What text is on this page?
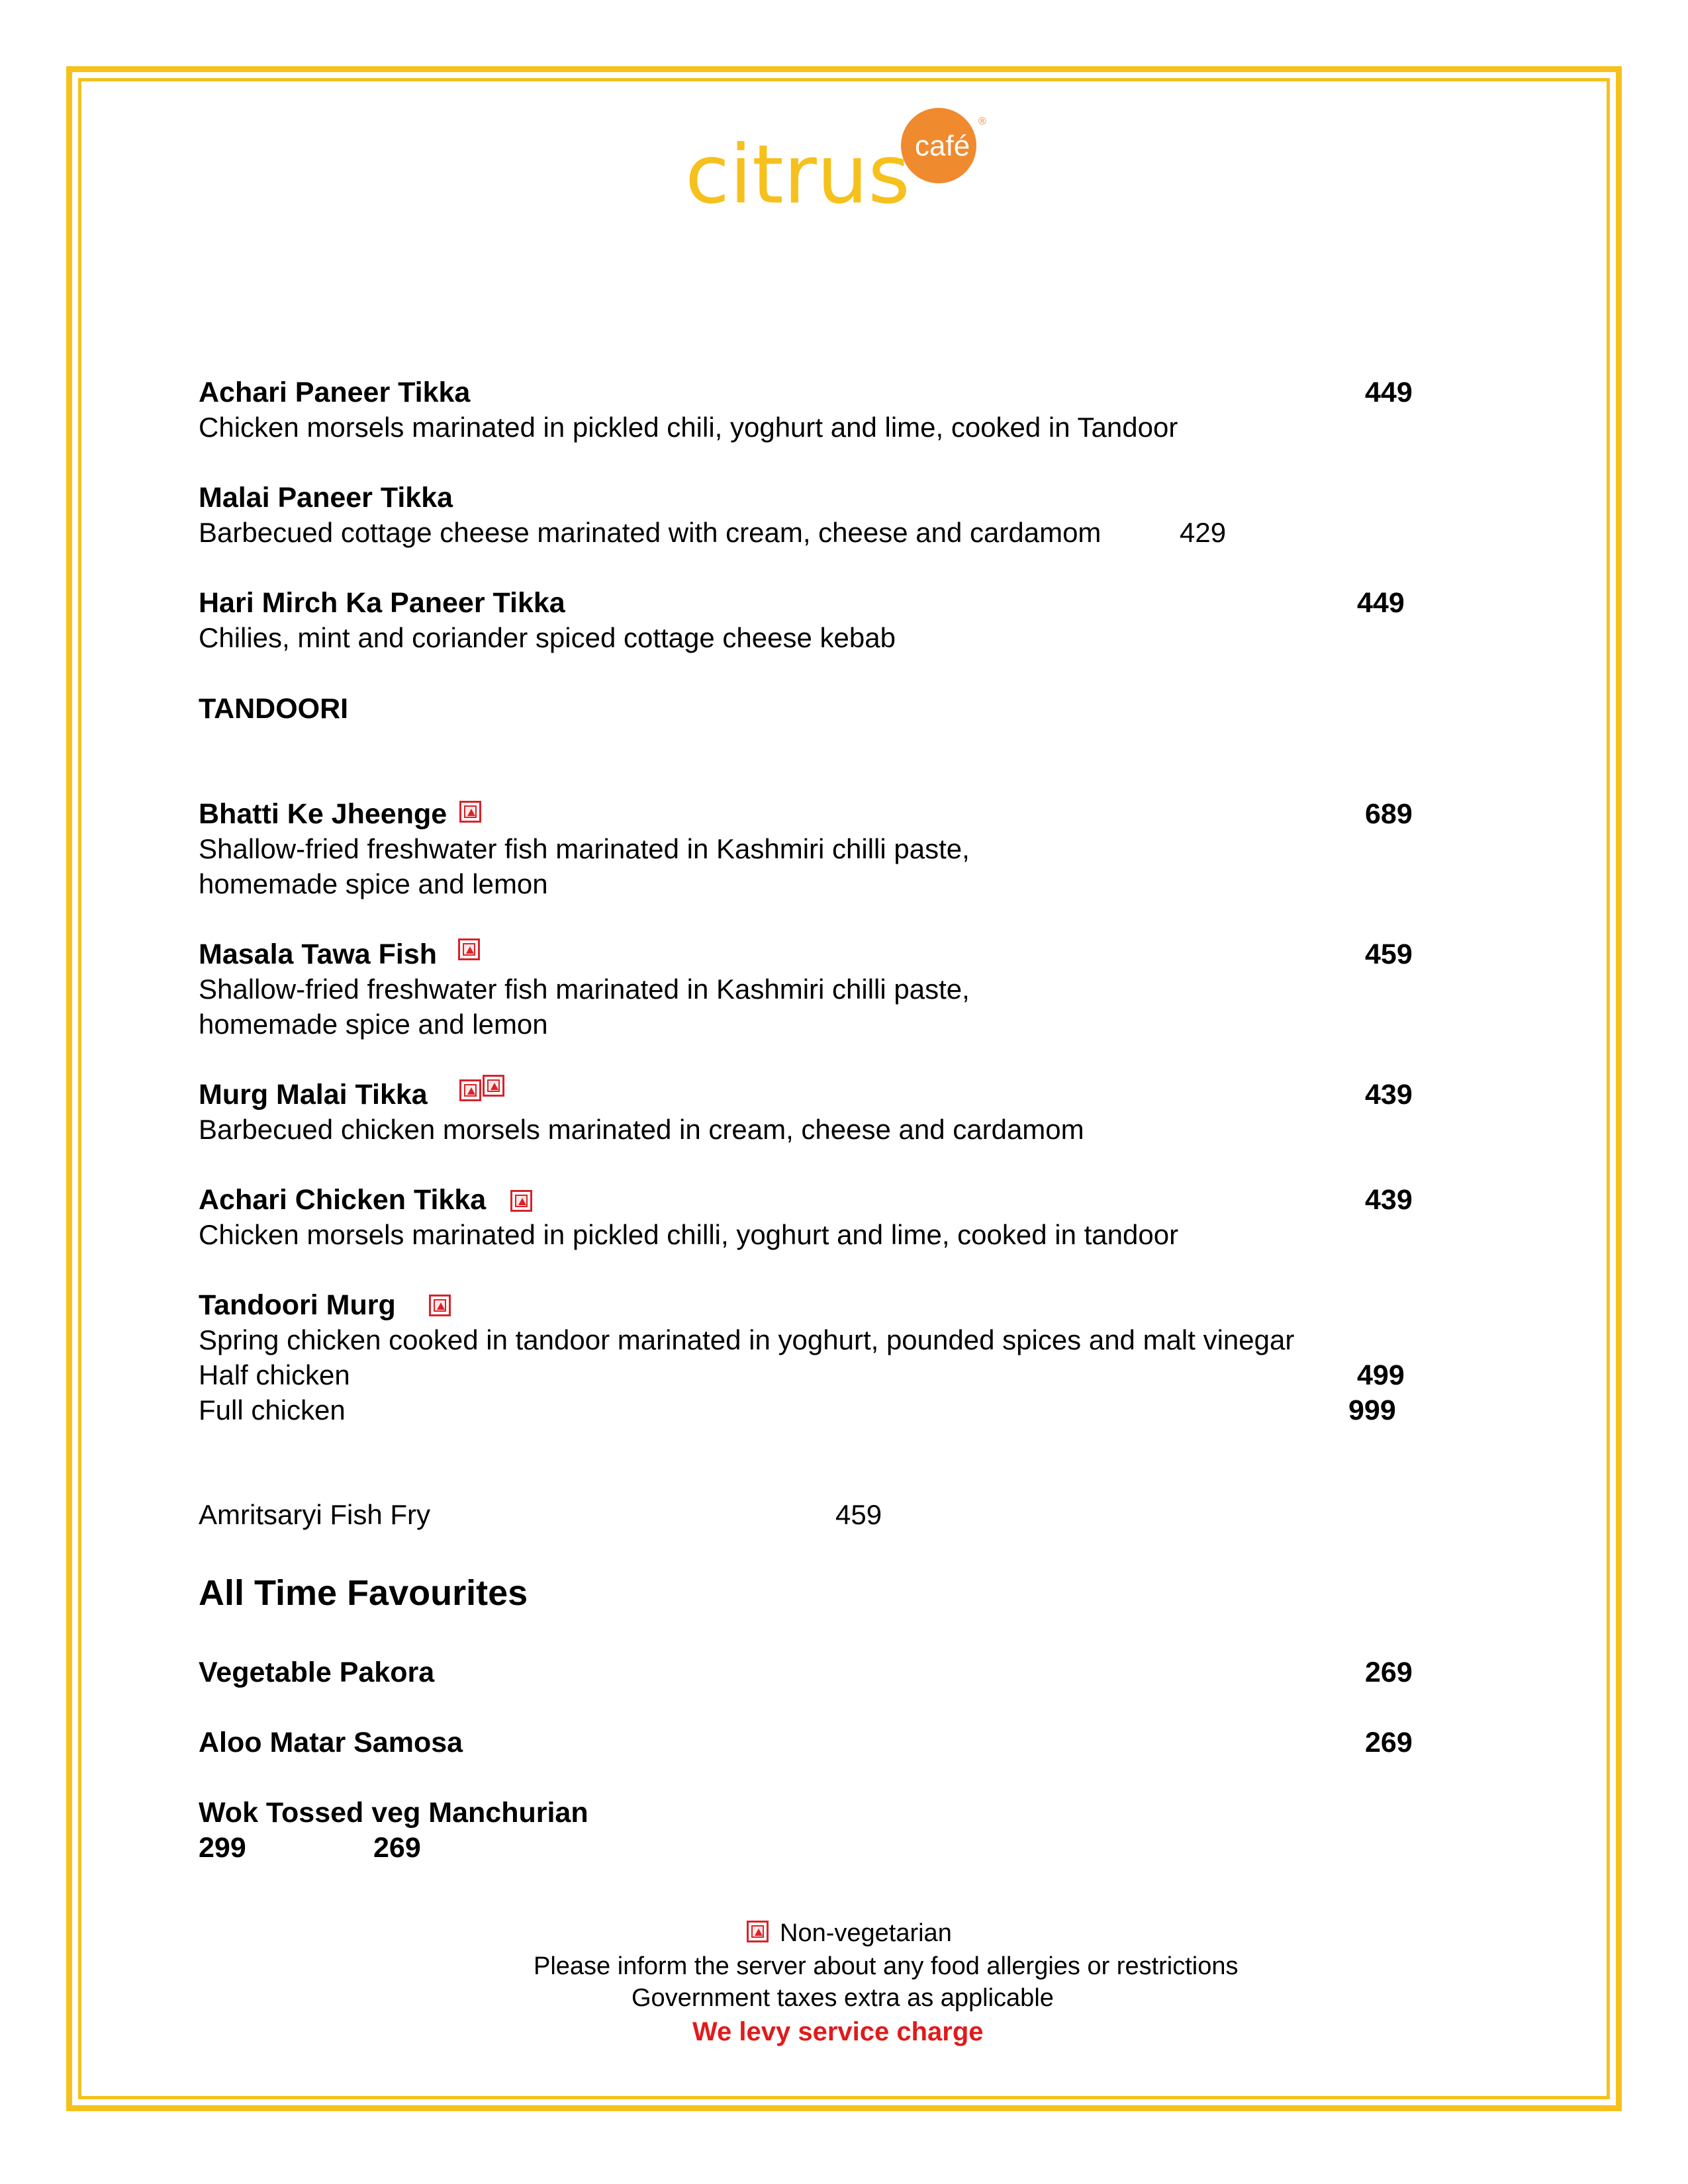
café
®
citrus
Achari Paneer Tikka	449
Chicken morsels marinated in pickled chili, yoghurt and lime, cooked in Tandoor
Malai Paneer Tikka
Barbecued cottage cheese marinated with cream, cheese and cardamom	429
Hari Mirch Ka Paneer Tikka	449
Chilies, mint and coriander spiced cottage cheese kebab
TANDOORI
Bhatti Ke Jheenge	689
Shallow-fried freshwater fish marinated in Kashmiri chilli paste,
homemade spice and lemon
Masala Tawa Fish	459
Shallow-fried freshwater fish marinated in Kashmiri chilli paste,
homemade spice and lemon
Murg Malai Tikka	439
Barbecued chicken morsels marinated in cream, cheese and cardamom
Achari Chicken Tikka	439
Chicken morsels marinated in pickled chilli, yoghurt and lime, cooked in tandoor
Tandoori Murg
Spring chicken cooked in tandoor marinated in yoghurt, pounded spices and malt vinegar
Half chicken	499
Full chicken	999
Amritsaryi Fish Fry	459
All Time Favourites
Vegetable Pakora	269
Aloo Matar Samosa	269
Wok Tossed veg Manchurian
299	269
Non-vegetarian
Please inform the server about any food allergies or restrictions
Government taxes extra as applicable
We levy service charge
